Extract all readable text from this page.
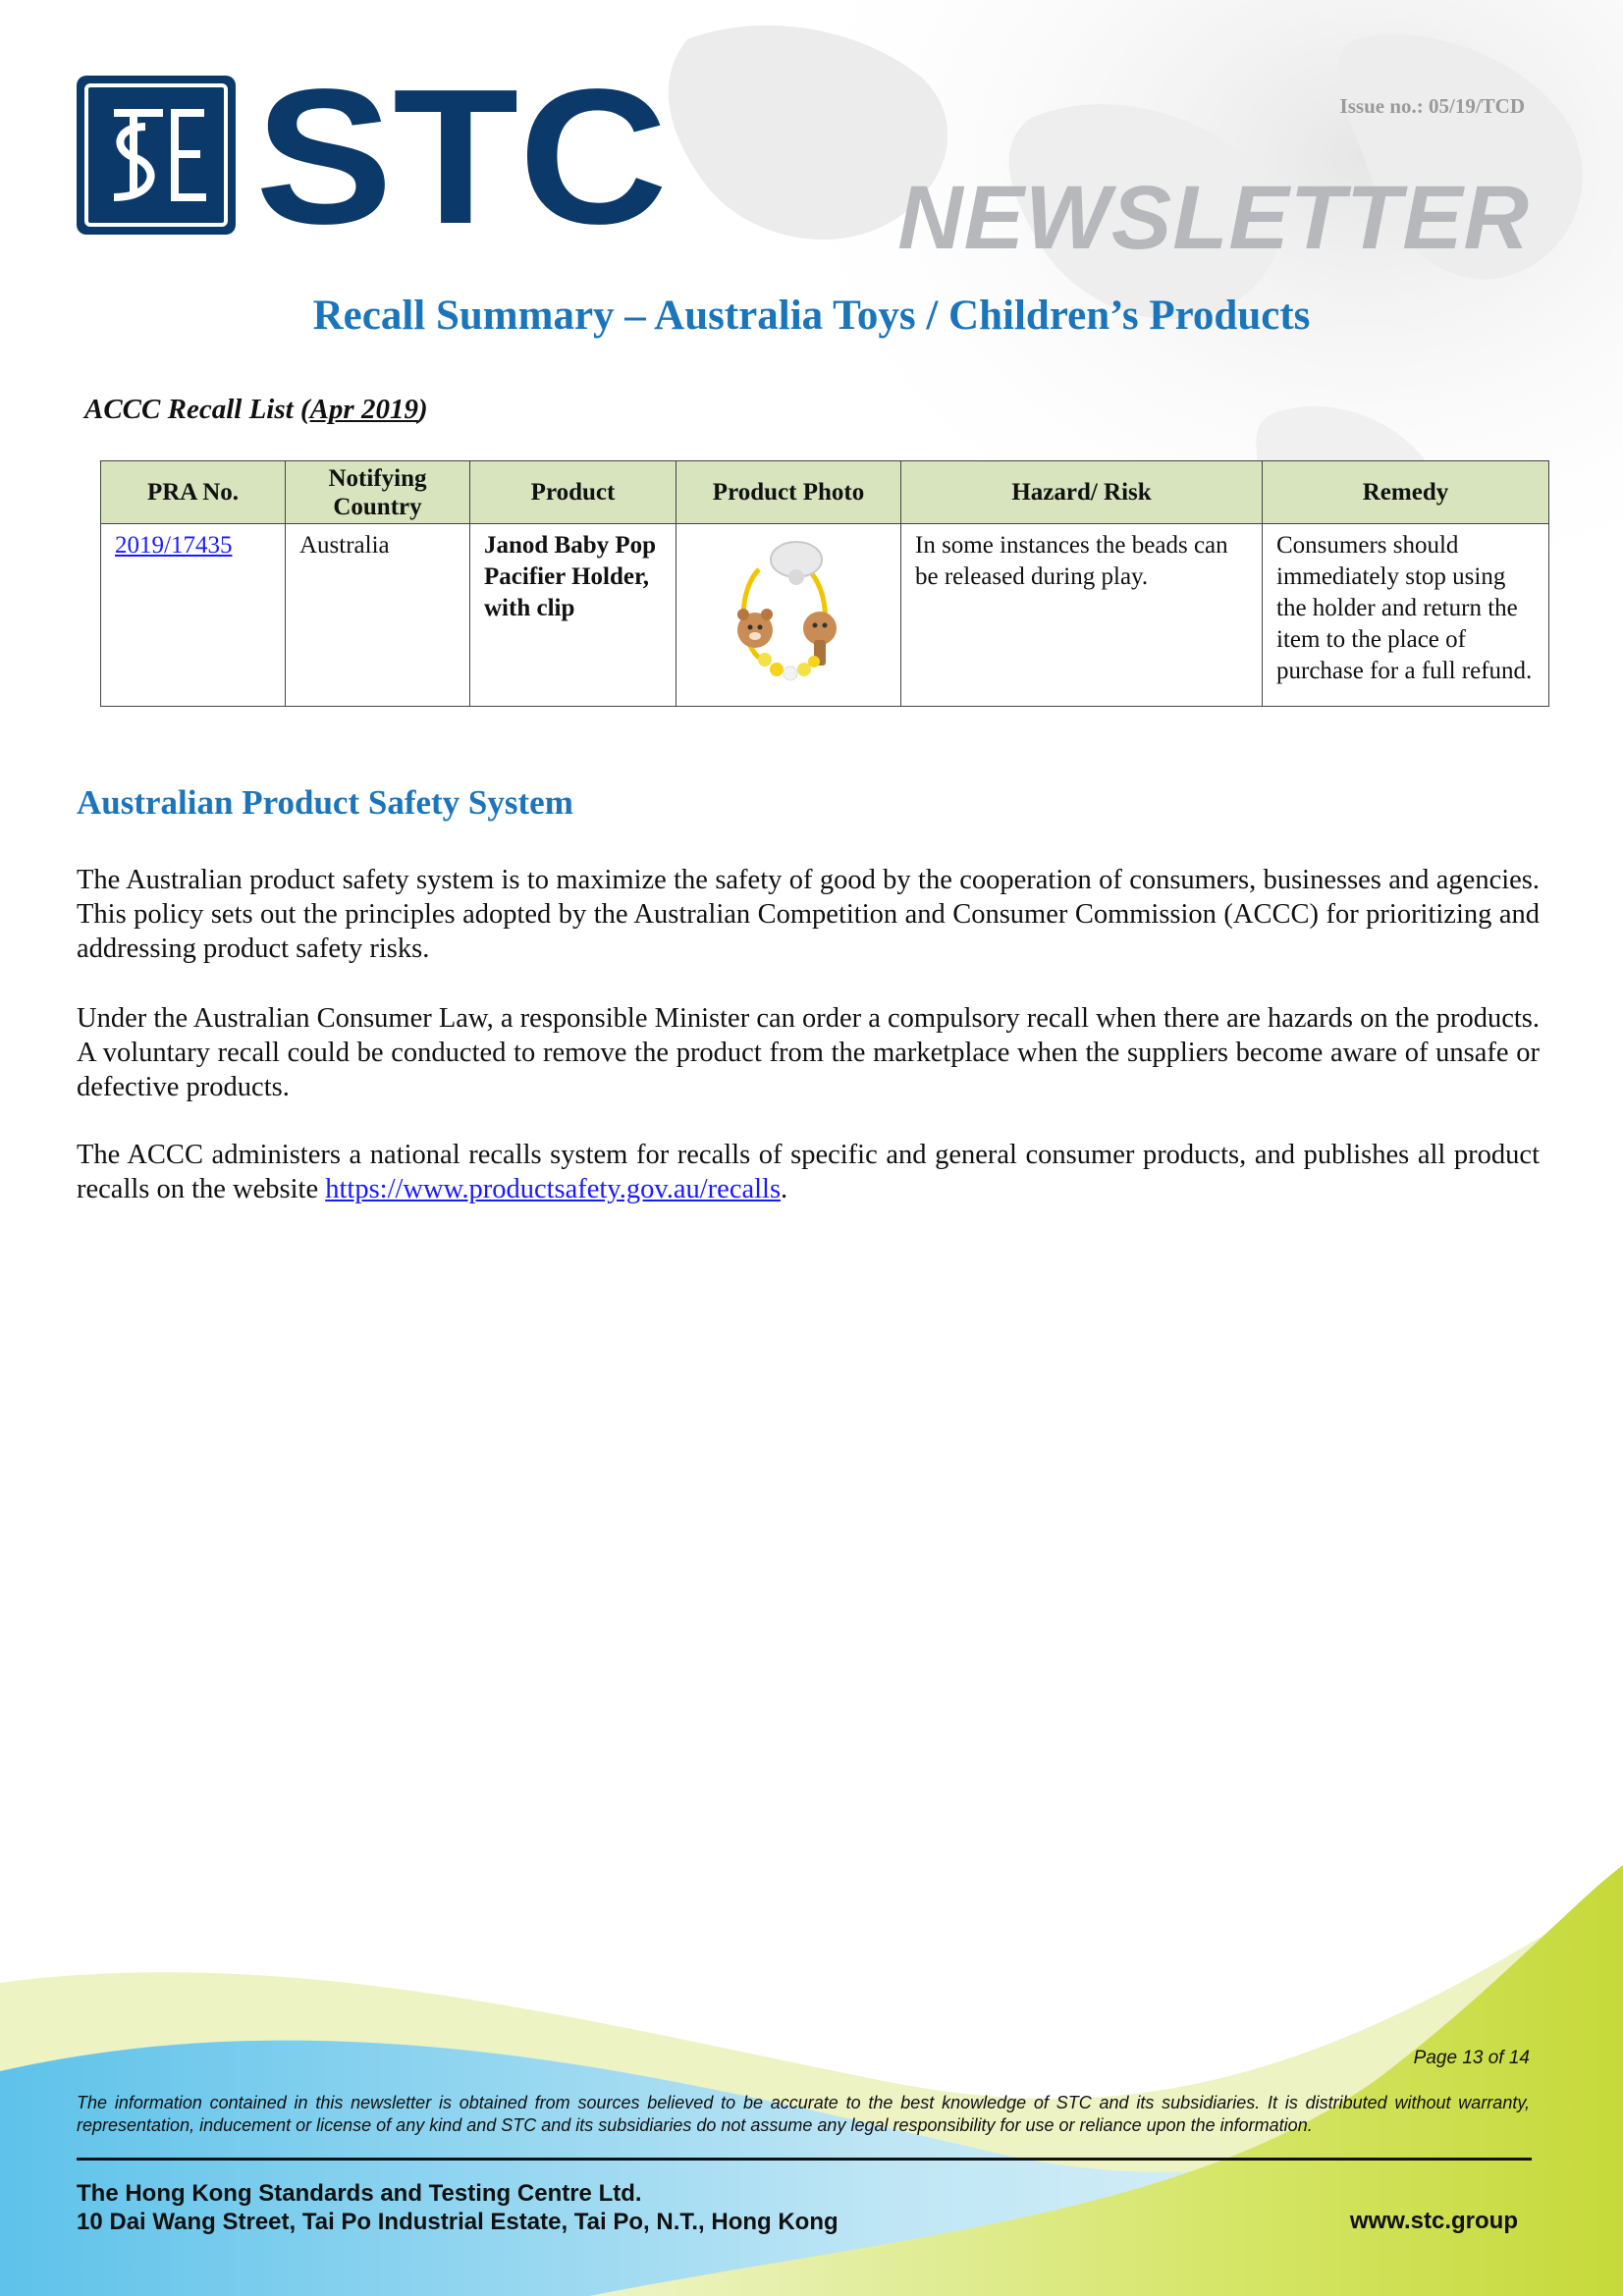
STC	Issue no.: 05/19/TCD
NEWSLETTER
Recall Summary – Australia Toys / Children’s Products
ACCC Recall List (Apr 2019)
PRA No.	Notifying Country	Product	Product Photo	Hazard/ Risk	Remedy
2019/17435	Australia	Janod Baby Pop Pacifier Holder, with clip		In some instances the beads can be released during play.	Consumers should immediately stop using the holder and return the item to the place of purchase for a full refund.
Australian Product Safety System
The Australian product safety system is to maximize the safety of good by the cooperation of consumers, businesses and agencies. This policy sets out the principles adopted by the Australian Competition and Consumer Commission (ACCC) for prioritizing and addressing product safety risks.
Under the Australian Consumer Law, a responsible Minister can order a compulsory recall when there are hazards on the products. A voluntary recall could be conducted to remove the product from the marketplace when the suppliers become aware of unsafe or defective products.
The ACCC administers a national recalls system for recalls of specific and general consumer products, and publishes all product recalls on the website https://www.productsafety.gov.au/recalls.
Page 13 of 14
The information contained in this newsletter is obtained from sources believed to be accurate to the best knowledge of STC and its subsidiaries. It is distributed without warranty, representation, inducement or license of any kind and STC and its subsidiaries do not assume any legal responsibility for use or reliance upon the information.
The Hong Kong Standards and Testing Centre Ltd.
10 Dai Wang Street, Tai Po Industrial Estate, Tai Po, N.T., Hong Kong	www.stc.group
